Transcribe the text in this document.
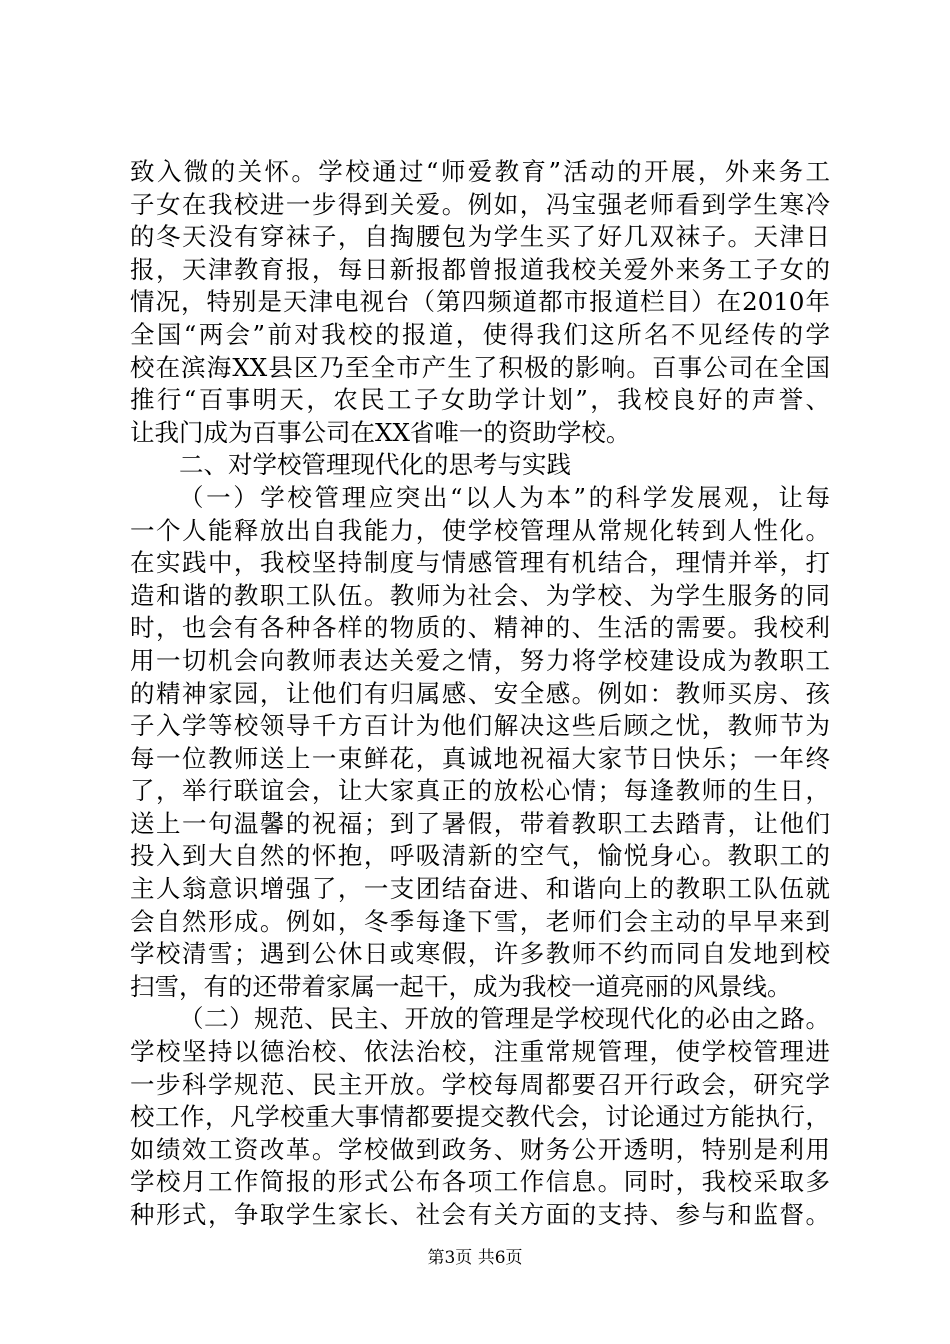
致入微的关怀。学校通过“师爱教育”活动的开展，外来务工
子女在我校进一步得到关爱。例如，冯宝强老师看到学生寒冷
的冬天没有穿袜子，自掏腰包为学生买了好几双袜子。天津日
报，天津教育报，每日新报都曾报道我校关爱外来务工子女的
情况，特别是天津电视台（第四频道都市报道栏目）在2010年
全国“两会”前对我校的报道，使得我们这所名不见经传的学
校在滨海XX县区乃至全市产生了积极的影响。百事公司在全国
推行“百事明天，农民工子女助学计划”，我校良好的声誉、
让我门成为百事公司在XX省唯一的资助学校。
二、对学校管理现代化的思考与实践
（一）学校管理应突出“以人为本”的科学发展观，让每
一个人能释放出自我能力，使学校管理从常规化转到人性化。
在实践中，我校坚持制度与情感管理有机结合，理情并举，打
造和谐的教职工队伍。教师为社会、为学校、为学生服务的同
时，也会有各种各样的物质的、精神的、生活的需要。我校利
用一切机会向教师表达关爱之情，努力将学校建设成为教职工
的精神家园，让他们有归属感、安全感。例如：教师买房、孩
子入学等校领导千方百计为他们解决这些后顾之忧，教师节为
每一位教师送上一束鲜花，真诚地祝福大家节日快乐；一年终
了，举行联谊会，让大家真正的放松心情；每逢教师的生日，
送上一句温馨的祝福；到了暑假，带着教职工去踏青，让他们
投入到大自然的怀抱，呼吸清新的空气，愉悦身心。教职工的
主人翁意识增强了，一支团结奋进、和谐向上的教职工队伍就
会自然形成。例如，冬季每逢下雪，老师们会主动的早早来到
学校清雪；遇到公休日或寒假，许多教师不约而同自发地到校
扫雪，有的还带着家属一起干，成为我校一道亮丽的风景线。
（二）规范、民主、开放的管理是学校现代化的必由之路。
学校坚持以德治校、依法治校，注重常规管理，使学校管理进
一步科学规范、民主开放。学校每周都要召开行政会，研究学
校工作，凡学校重大事情都要提交教代会，讨论通过方能执行，
如绩效工资改革。学校做到政务、财务公开透明，特别是利用
学校月工作简报的形式公布各项工作信息。同时，我校采取多
种形式，争取学生家长、社会有关方面的支持、参与和监督。
第3页 共6页
